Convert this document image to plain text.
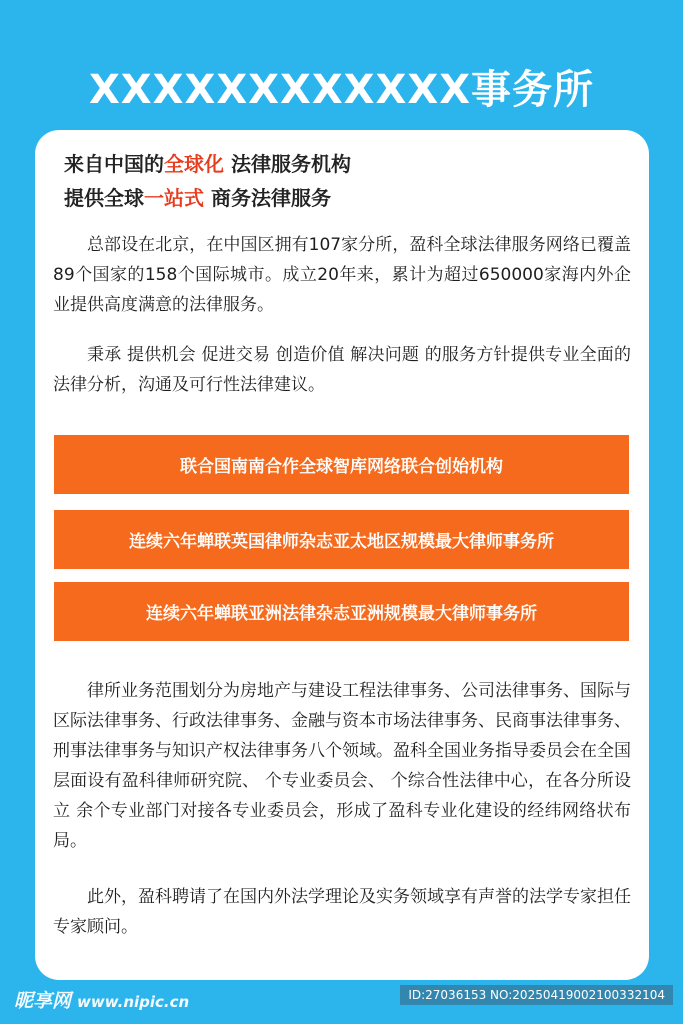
XXXXXXXXXXXX事务所
来自中国的全球化 法律服务机构
提供全球一站式 商务法律服务
总部设在北京，在中国区拥有107家分所，盈科全球法律服务网络已覆盖89个国家的158个国际城市。成立20年来，累计为超过650000家海内外企业提供高度满意的法律服务。
秉承 提供机会 促进交易 创造价值 解决问题 的服务方针提供专业全面的法律分析，沟通及可行性法律建议。
联合国南南合作全球智库网络联合创始机构
连续六年蝉联英国律师杂志亚太地区规模最大律师事务所
连续六年蝉联亚洲法律杂志亚洲规模最大律师事务所
律所业务范围划分为房地产与建设工程法律事务、公司法律事务、国际与区际法律事务、行政法律事务、金融与资本市场法律事务、民商事法律事务、刑事法律事务与知识产权法律事务八个领域。盈科全国业务指导委员会在全国层面设有盈科律师研究院、 个专业委员会、 个综合性法律中心，在各分所设立 余个专业部门对接各专业委员会，形成了盈科专业化建设的经纬网络状布局。
此外，盈科聘请了在国内外法学理论及实务领域享有声誉的法学专家担任专家顾问。
昵享网 www.nipic.cn	ID:27036153 NO:20250419002100332104
